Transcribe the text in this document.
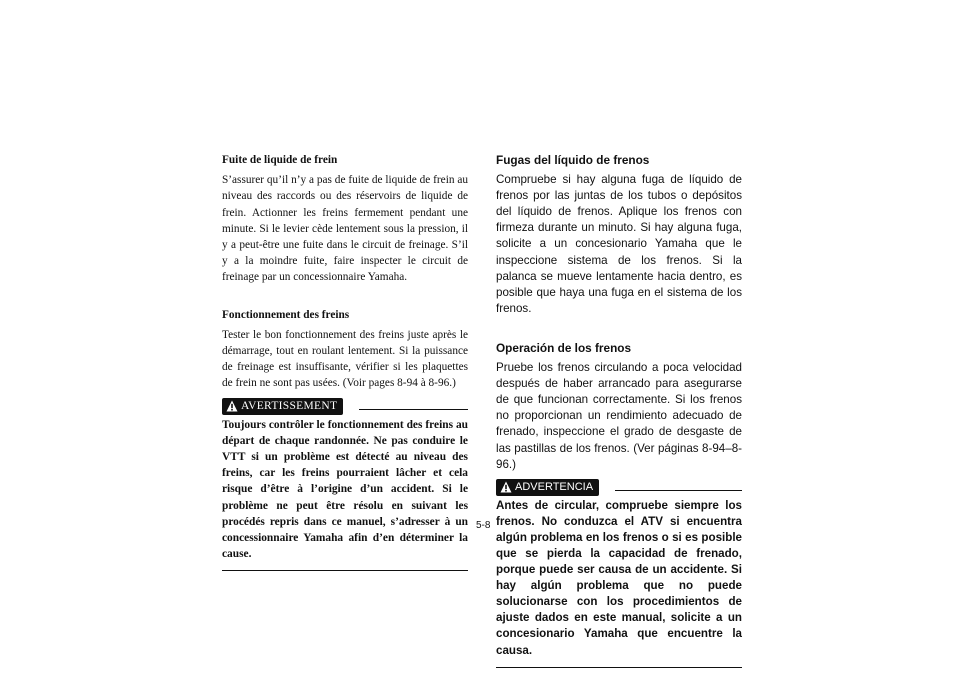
Fuite de liquide de frein

S’assurer qu’il n’y a pas de fuite de liquide de frein au niveau des raccords ou des réservoirs de liquide de frein. Actionner les freins fermement pendant une minute. Si le levier cède lentement sous la pression, il y a peut-être une fuite dans le circuit de freinage. S’il y a la moindre fuite, faire inspecter le circuit de freinage par un concessionnaire Yamaha.

Fonctionnement des freins

Tester le bon fonctionnement des freins juste après le démarrage, tout en roulant lentement. Si la puissance de freinage est insuffisante, vérifier si les plaquettes de frein ne sont pas usées. (Voir pages 8-94 à 8-96.)

AVERTISSEMENT

Toujours contrôler le fonctionnement des freins au départ de chaque randonnée. Ne pas conduire le VTT si un problème est détecté au niveau des freins, car les freins pourraient lâcher et cela risque d’être à l’origine d’un accident. Si le problème ne peut être résolu en suivant les procédés repris dans ce manuel, s’adresser à un concessionnaire Yamaha afin d’en déterminer la cause.

Fugas del líquido de frenos

Compruebe si hay alguna fuga de líquido de frenos por las juntas de los tubos o depósitos del líquido de frenos. Aplique los frenos con firmeza durante un minuto. Si hay alguna fuga, solicite a un concesionario Yamaha que le inspeccione sistema de los frenos. Si la palanca se mueve lentamente hacia dentro, es posible que haya una fuga en el sistema de los frenos.

Operación de los frenos

Pruebe los frenos circulando a poca velocidad después de haber arrancado para asegurarse de que funcionan correctamente. Si los frenos no proporcionan un rendimiento adecuado de frenado, inspeccione el grado de desgaste de las pastillas de los frenos. (Ver páginas 8-94–8-96.)

ADVERTENCIA

Antes de circular, compruebe siempre los frenos. No conduzca el ATV si encuentra algún problema en los frenos o si es posible que se pierda la capacidad de frenado, porque puede ser causa de un accidente. Si hay algún problema que no puede solucionarse con los procedimientos de ajuste dados en este manual, solicite a un concesionario Yamaha que encuentre la causa.

5-8
